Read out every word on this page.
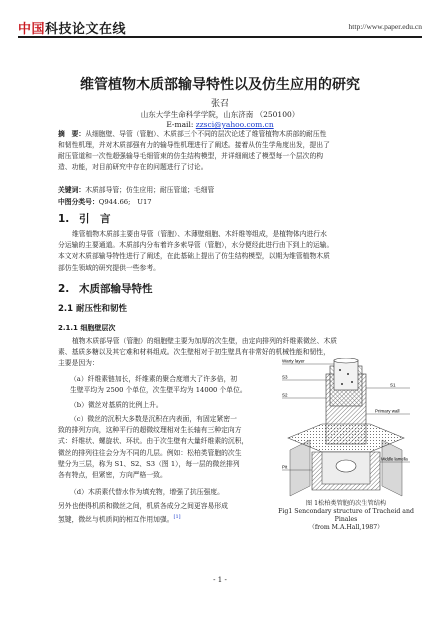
中国科技论文在线	http://www.paper.edu.cn
维管植物木质部输导特性以及仿生应用的研究
张召
山东大学生命科学学院，山东济南 （250100）
E-mail: zzsci@yahoo.com.cn
摘　要：从细胞壁、导管（管胞）、木质部三个不同的层次论述了维管植物木质部的耐压性
和韧性机理，并对木质部强有力的输导性机理进行了阐述。接着从仿生学角度出发，提出了
耐压管道和一次性超强输导毛细管束的仿生结构模型，并详细阐述了模型每一个层次的构
造、功能，对目前研究中存在的问题进行了讨论。
关键词：木质部导管；仿生应用；耐压管道；毛细管
中图分类号：Q944.66;　U17
1. 引　言
维管植物木质部主要由导管（管胞）、木薄壁细胞、木纤维等组成，是植物体内进行水
分运输的主要通道。木质部内分布着许多索导管（管胞），水分便经此进行由下到上的运输。
本文对木质部输导特性进行了阐述，在此基础上提出了仿生结构模型，以期为维管植物木质
部仿生领域的研究提供一些参考。
2. 木质部输导特性
2.1 耐压性和韧性
2.1.1 细胞壁层次
植物木质部导管（管胞）的细胞壁主要为加厚的次生壁，由定向排列的纤维素微丝、木质
素、基质多糖以及其它难和材料组成。次生壁相对于初生壁具有非常好的机械性能和韧性，
主要是因为：
（a）纤维素链加长，纤维素的聚合度增大了许多倍，初
生壁平均为 2500 个单位，次生壁平均为 14000 个单位。
（b）微丝对基质的比例上升。
（c）微丝的沉积大多数是沉积在内表面，有固定紧密一
致的排列方向，这种平行的超微纹理相对生长轴有三种定向方
式：纤维状、螺旋状、环状。由于次生壁有大量纤维素的沉积，
微丝的排列往往会分为不同的几层。例如：松柏类管胞的次生
壁分为三层，称为 S1、S2、S3（图 1），每一层的微丝排列
各有特点，但紧密，方向严格一致。
（d）木质素代替水作为填充物，增强了抗压强度。
另外也使得机质和微丝之间，机质各成分之间更容易形成
氢键，微丝与机质间的相互作用加强。[1]
Warty layer
S3
S2
S1
Primary wall
Middle lamella
Pit
图 1松柏类管胞的次生管结构
Fig1 Sencondary structure of Tracheid and
Pinales
（from M.A.Hall,1987）
- 1 -
